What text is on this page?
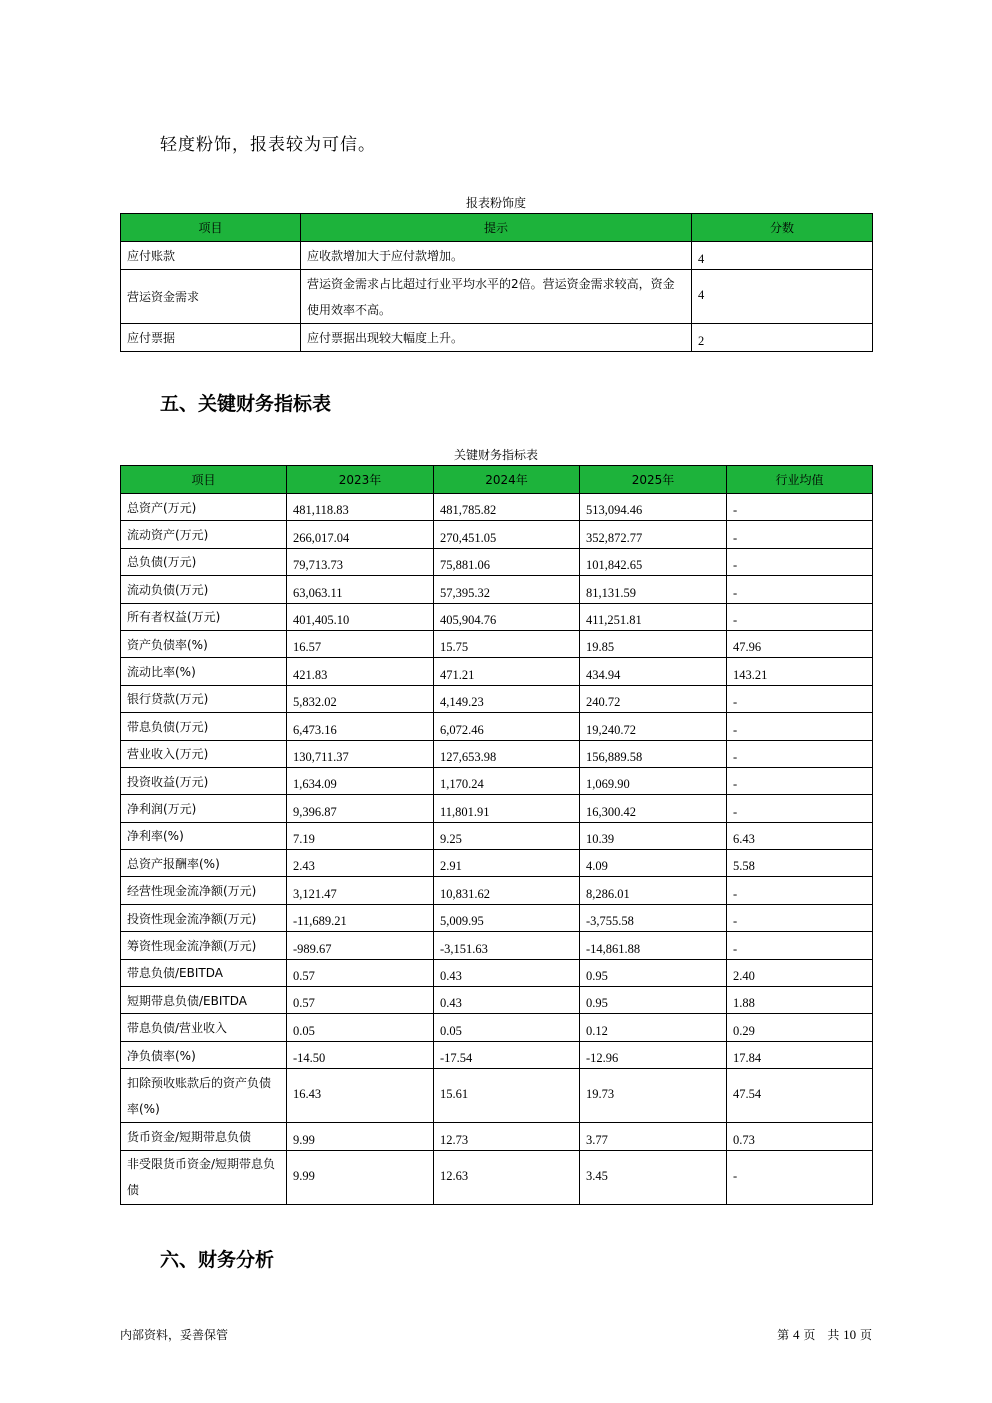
轻度粉饰，报表较为可信。
报表粉饰度
项目	提示	分数
应付账款	应收款增加大于应付款增加。	4
营运资金需求	营运资金需求占比超过行业平均水平的2倍。营运资金需求较高，资金使用效率不高。	4
应付票据	应付票据出现较大幅度上升。	2
五、关键财务指标表
关键财务指标表
项目	2023年	2024年	2025年	行业均值
总资产(万元)	481,118.83	481,785.82	513,094.46	-
流动资产(万元)	266,017.04	270,451.05	352,872.77	-
总负债(万元)	79,713.73	75,881.06	101,842.65	-
流动负债(万元)	63,063.11	57,395.32	81,131.59	-
所有者权益(万元)	401,405.10	405,904.76	411,251.81	-
资产负债率(%)	16.57	15.75	19.85	47.96
流动比率(%)	421.83	471.21	434.94	143.21
银行贷款(万元)	5,832.02	4,149.23	240.72	-
带息负债(万元)	6,473.16	6,072.46	19,240.72	-
营业收入(万元)	130,711.37	127,653.98	156,889.58	-
投资收益(万元)	1,634.09	1,170.24	1,069.90	-
净利润(万元)	9,396.87	11,801.91	16,300.42	-
净利率(%)	7.19	9.25	10.39	6.43
总资产报酬率(%)	2.43	2.91	4.09	5.58
经营性现金流净额(万元)	3,121.47	10,831.62	8,286.01	-
投资性现金流净额(万元)	-11,689.21	5,009.95	-3,755.58	-
筹资性现金流净额(万元)	-989.67	-3,151.63	-14,861.88	-
带息负债/EBITDA	0.57	0.43	0.95	2.40
短期带息负债/EBITDA	0.57	0.43	0.95	1.88
带息负债/营业收入	0.05	0.05	0.12	0.29
净负债率(%)	-14.50	-17.54	-12.96	17.84
扣除预收账款后的资产负债率(%)	16.43	15.61	19.73	47.54
货币资金/短期带息负债	9.99	12.73	3.77	0.73
非受限货币资金/短期带息负债	9.99	12.63	3.45	-
六、财务分析
内部资料，妥善保管	第 4 页　共 10 页
